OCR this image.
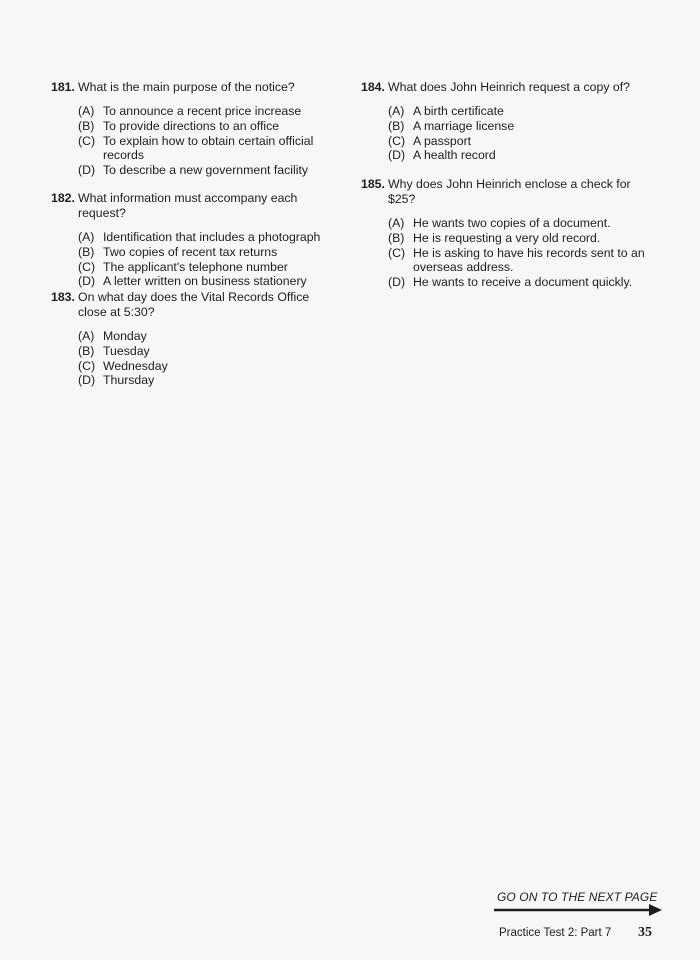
181. What is the main purpose of the notice?
(A) To announce a recent price increase
(B) To provide directions to an office
(C) To explain how to obtain certain official records
(D) To describe a new government facility
182. What information must accompany each request?
(A) Identification that includes a photograph
(B) Two copies of recent tax returns
(C) The applicant's telephone number
(D) A letter written on business stationery
183. On what day does the Vital Records Office close at 5:30?
(A) Monday
(B) Tuesday
(C) Wednesday
(D) Thursday
184. What does John Heinrich request a copy of?
(A) A birth certificate
(B) A marriage license
(C) A passport
(D) A health record
185. Why does John Heinrich enclose a check for $25?
(A) He wants two copies of a document.
(B) He is requesting a very old record.
(C) He is asking to have his records sent to an overseas address.
(D) He wants to receive a document quickly.
GO ON TO THE NEXT PAGE
Practice Test 2: Part 7 35
